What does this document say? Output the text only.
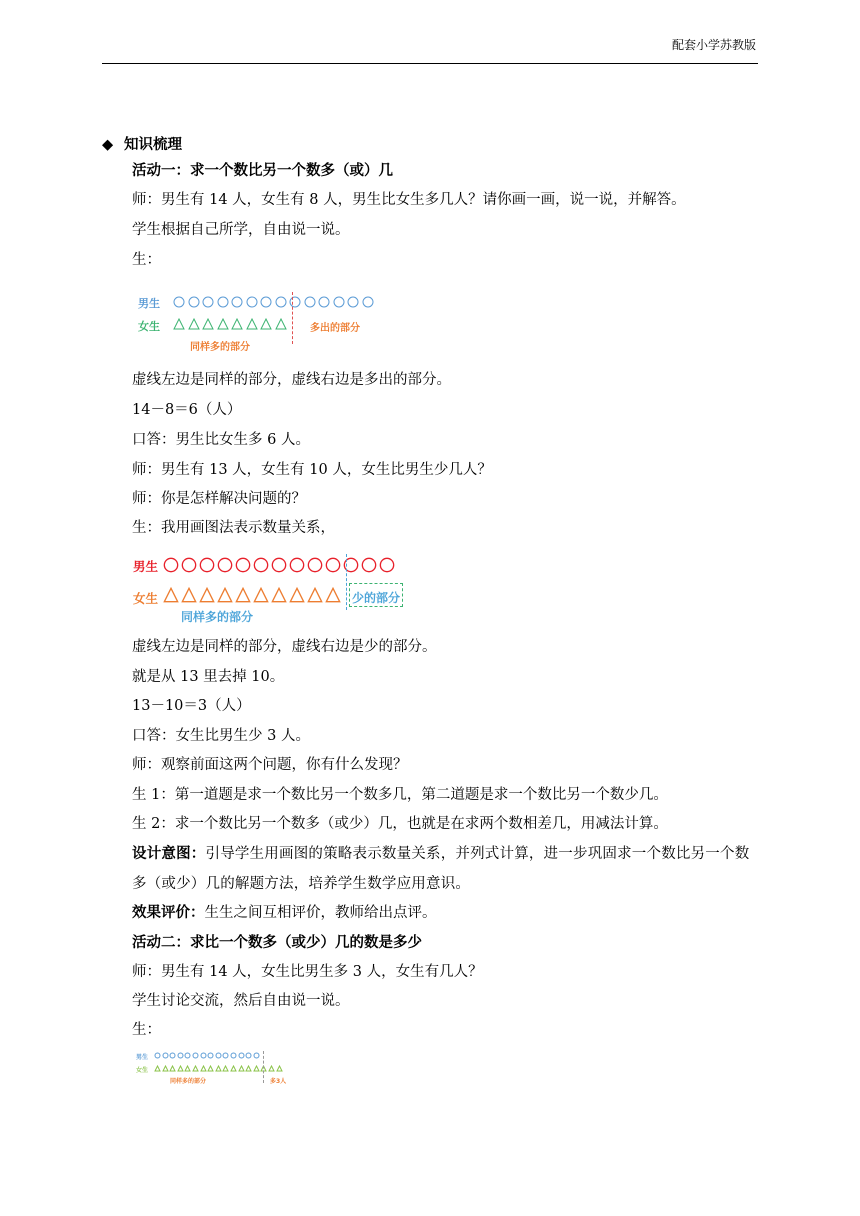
配套小学苏教版
◆ 知识梳理
活动一：求一个数比另一个数多（或）几
师：男生有 14 人，女生有 8 人，男生比女生多几人？请你画一画，说一说，并解答。
学生根据自己所学，自由说一说。
生：
男生
女生	多出的部分
同样多的部分
虚线左边是同样的部分，虚线右边是多出的部分。
14－8＝6（人）
口答：男生比女生多 6 人。
师：男生有 13 人，女生有 10 人，女生比男生少几人？
师：你是怎样解决问题的？
生：我用画图法表示数量关系，
男生
女生	少的部分
同样多的部分
虚线左边是同样的部分，虚线右边是少的部分。
就是从 13 里去掉 10。
13－10＝3（人）
口答：女生比男生少 3 人。
师：观察前面这两个问题，你有什么发现？
生 1：第一道题是求一个数比另一个数多几，第二道题是求一个数比另一个数少几。
生 2：求一个数比另一个数多（或少）几，也就是在求两个数相差几，用减法计算。
设计意图：引导学生用画图的策略表示数量关系，并列式计算，进一步巩固求一个数比另一个数多（或少）几的解题方法，培养学生数学应用意识。
效果评价：生生之间互相评价，教师给出点评。
活动二：求比一个数多（或少）几的数是多少
师：男生有 14 人，女生比男生多 3 人，女生有几人？
学生讨论交流，然后自由说一说。
生：
男生
女生
同样多的部分	多3人
